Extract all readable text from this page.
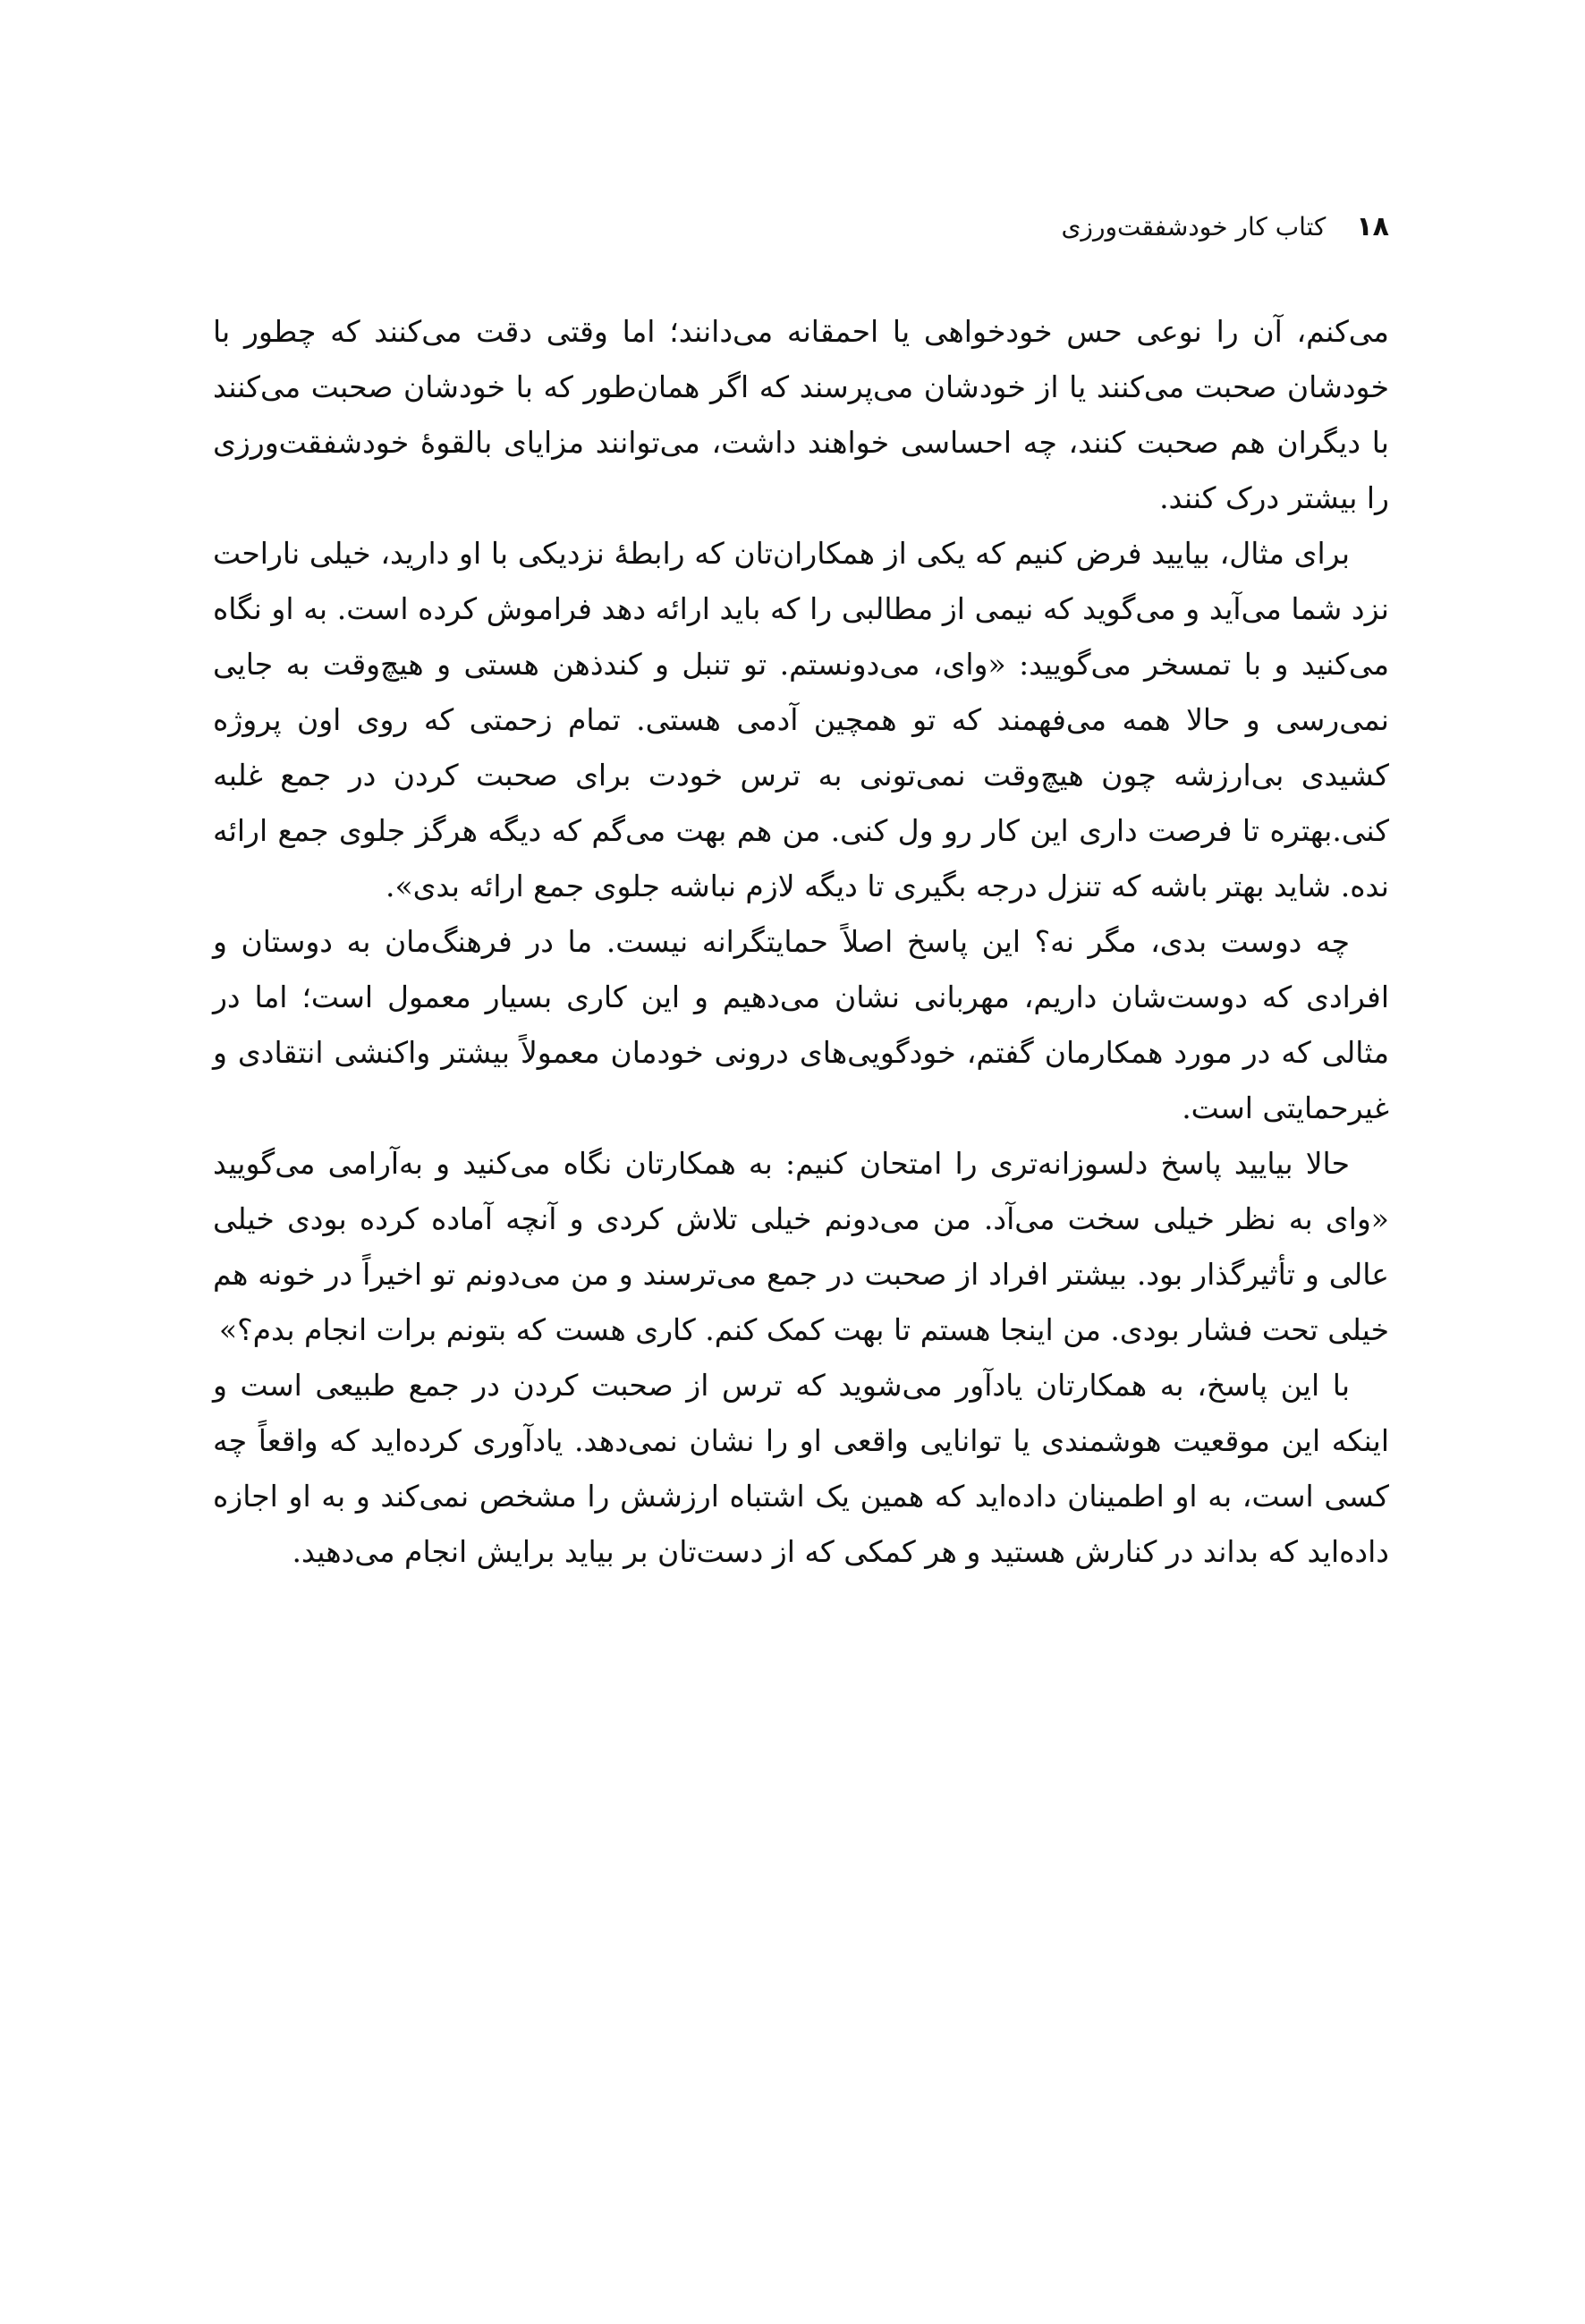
۱۸
کتاب کار خودشفقت‌ورزی

می‌کنم، آن را نوعی حس خودخواهی یا احمقانه می‌دانند؛ اما وقتی دقت می‌کنند که چطور با خودشان صحبت می‌کنند یا از خودشان می‌پرسند که اگر همان‌طور که با خودشان صحبت می‌کنند با دیگران هم صحبت کنند، چه احساسی خواهند داشت، می‌توانند مزایای بالقوهٔ خودشفقت‌ورزی را بیشتر درک کنند.

برای مثال، بیایید فرض کنیم که یکی از همکاران‌تان که رابطهٔ نزدیکی با او دارید، خیلی ناراحت نزد شما می‌آید و می‌گوید که نیمی از مطالبی را که باید ارائه دهد فراموش کرده است. به او نگاه می‌کنید و با تمسخر می‌گویید: «وای، می‌دونستم. تو تنبل و کندذهن هستی و هیچ‌وقت به جایی نمی‌رسی و حالا همه می‌فهمند که تو همچین آدمی هستی. تمام زحمتی که روی اون پروژه کشیدی بی‌ارزشه چون هیچ‌وقت نمی‌تونی به ترس خودت برای صحبت کردن در جمع غلبه کنی.بهتره تا فرصت داری این کار رو ول کنی. من هم بهت می‌گم که دیگه هرگز جلوی جمع ارائه نده. شاید بهتر باشه که تنزل درجه بگیری تا دیگه لازم نباشه جلوی جمع ارائه بدی».

چه دوست بدی، مگر نه؟ این پاسخ اصلاً حمایتگرانه نیست. ما در فرهنگ‌مان به دوستان و افرادی که دوست‌شان داریم، مهربانی نشان می‌دهیم و این کاری بسیار معمول است؛ اما در مثالی که در مورد همکارمان گفتم، خودگویی‌های درونی خودمان معمولاً بیشتر واکنشی انتقادی و غیرحمایتی است.

حالا بیایید پاسخ دلسوزانه‌تری را امتحان کنیم: به همکارتان نگاه می‌کنید و به‌آرامی می‌گویید «وای به نظر خیلی سخت می‌آد. من می‌دونم خیلی تلاش کردی و آنچه آماده کرده بودی خیلی عالی و تأثیرگذار بود. بیشتر افراد از صحبت در جمع می‌ترسند و من می‌دونم تو اخیراً در خونه هم خیلی تحت فشار بودی. من اینجا هستم تا بهت کمک کنم. کاری هست که بتونم برات انجام بدم؟»

با این پاسخ، به همکارتان یادآور می‌شوید که ترس از صحبت کردن در جمع طبیعی است و اینکه این موقعیت هوشمندی یا توانایی واقعی او را نشان نمی‌دهد. یادآوری کرده‌اید که واقعاً چه کسی است، به او اطمینان داده‌اید که همین یک اشتباه ارزشش را مشخص نمی‌کند و به او اجازه داده‌اید که بداند در کنارش هستید و هر کمکی که از دست‌تان بر بیاید برایش انجام می‌دهید.
